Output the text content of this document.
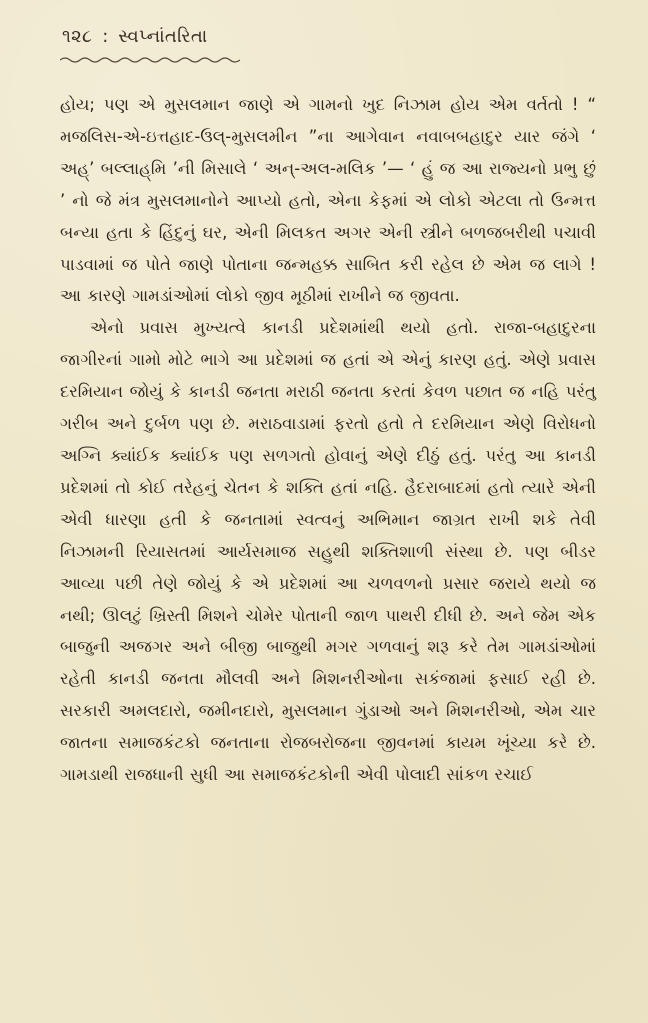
૧૨૮ : સ્વપ્નાંતરિતા

હોય; પણ એ મુસલમાન જાણે એ ગામનો ખુદ નિઝામ હોય એમ વર્તતો ! “ મજલિસ-એ-ઇત્તહાદ-ઉલ્-મુસલમીન ”ના આગેવાન નવાબબહાદુર યાર જંગે ‘ અહ્’ બલ્લાહ્‌મિ ’ની મિસાલે ‘ અન્-અલ-મલિક ’— ‘ હું જ આ રાજ્યનો પ્રભુ છું ’ નો જે મંત્ર મુસલમાનોને આપ્યો હતો, એના કેફમાં એ લોકો એટલા તો ઉન્મત્ત બન્યા હતા કે હિંદુનું ઘર, એની મિલકત અગર એની સ્ત્રીને બળજબરીથી પચાવી પાડવામાં જ પોતે જાણે પોતાના જન્મહક્ક સાબિત કરી રહેલ છે એમ જ લાગે ! આ કારણે ગામડાંઓમાં લોકો જીવ મૂઠીમાં રાખીને જ જીવતા.

એનો પ્રવાસ મુખ્યત્વે કાનડી પ્રદેશમાંથી થયો હતો. રાજા-બહાદુરના જાગીરનાં ગામો મોટે ભાગે આ પ્રદેશમાં જ હતાં એ એનું કારણ હતું. એણે પ્રવાસ દરમિયાન જોયું કે કાનડી જનતા મરાઠી જનતા કરતાં કેવળ પછાત જ નહિ પરંતુ ગરીબ અને દુર્બળ પણ છે. મરાઠવાડામાં ફરતો હતો તે દરમિયાન એણે વિરોધનો અગ્નિ ક્યાંઈક ક્યાંઈક પણ સળગતો હોવાનું એણે દીઠું હતું. પરંતુ આ કાનડી પ્રદેશમાં તો કોઈ તરેહનું ચેતન કે શક્તિ હતાં નહિ. હૈદરાબાદમાં હતો ત્યારે એની એવી ધારણા હતી કે જનતામાં સ્વત્વનું અભિમાન જાગ્રત રાખી શકે તેવી નિઝામની રિયાસતમાં આર્યસમાજ સહુથી શક્તિશાળી સંસ્થા છે. પણ બીડર આવ્યા પછી તેણે જોયું કે એ પ્રદેશમાં આ ચળવળનો પ્રસાર જરાયે થયો જ નથી; ઊલટું ખ્રિસ્તી મિશને ચોમેર પોતાની જાળ પાથરી દીધી છે. અને જેમ એક બાજુની અજગર અને બીજી બાજુથી મગર ગળવાનું શરૂ કરે તેમ ગામડાંઓમાં રહેતી કાનડી જનતા મૌલવી અને મિશનરીઓના સકંજામાં ફસાઈ રહી છે. સરકારી અમલદારો, જમીનદારો, મુસલમાન ગુંડાઓ અને મિશનરીઓ, એમ ચાર જાતના સમાજકંટકો જનતાના રોજબરોજના જીવનમાં કાયમ ખૂંચ્યા કરે છે. ગામડાથી રાજધાની સુધી આ સમાજકંટકોની એવી પોલાદી સાંકળ રચાઈ
